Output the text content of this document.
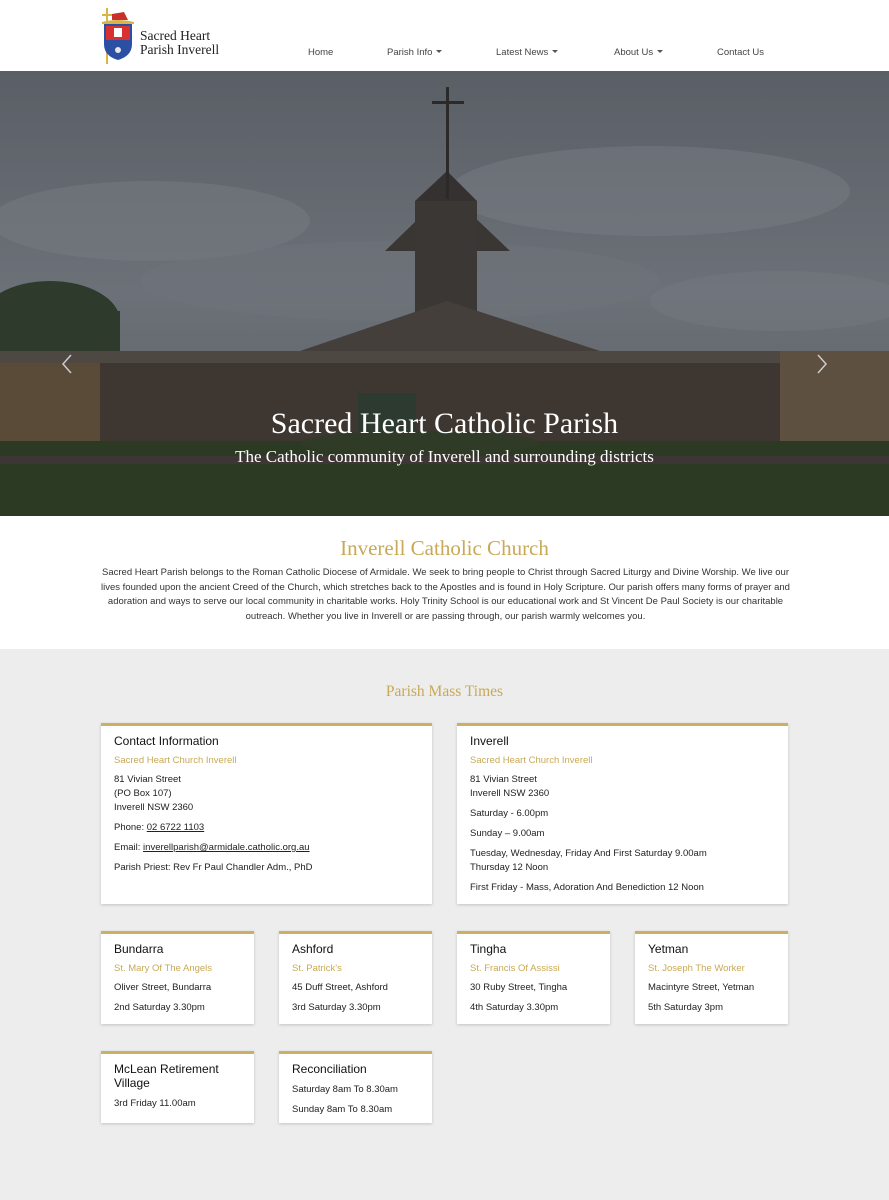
Sacred Heart
Parish Inverell	Home	Parish Info	Latest News	About Us	Contact Us
Sacred Heart Catholic Parish
The Catholic community of Inverell and surrounding districts
Inverell Catholic Church

Sacred Heart Parish belongs to the Roman Catholic Diocese of Armidale. We seek to bring people to Christ through Sacred Liturgy and Divine Worship. We live our lives founded upon the ancient Creed of the Church, which stretches back to the Apostles and is found in Holy Scripture. Our parish offers many forms of prayer and adoration and ways to serve our local community in charitable works. Holy Trinity School is our educational work and St Vincent De Paul Society is our charitable outreach. Whether you live in Inverell or are passing through, our parish warmly welcomes you.

Parish Mass Times
Contact Information
Sacred Heart Church Inverell
81 Vivian Street
(PO Box 107)
Inverell NSW 2360
Phone: 02 6722 1103
Email: inverellparish@armidale.catholic.org.au
Parish Priest: Rev Fr Paul Chandler Adm., PhD
Inverell
Sacred Heart Church Inverell
81 Vivian Street
Inverell NSW 2360
Saturday - 6.00pm
Sunday – 9.00am
Tuesday, Wednesday, Friday And First Saturday 9.00am
Thursday 12 Noon
First Friday - Mass, Adoration And Benediction 12 Noon
Bundarra
St. Mary Of The Angels
Oliver Street, Bundarra
2nd Saturday 3.30pm
Ashford
St. Patrick's
45 Duff Street, Ashford
3rd Saturday 3.30pm
Tingha
St. Francis Of Assissi
30 Ruby Street, Tingha
4th Saturday 3.30pm
Yetman
St. Joseph The Worker
Macintyre Street, Yetman
5th Saturday 3pm
McLean Retirement Village
3rd Friday 11.00am
Reconciliation
Saturday 8am To 8.30am
Sunday 8am To 8.30am
